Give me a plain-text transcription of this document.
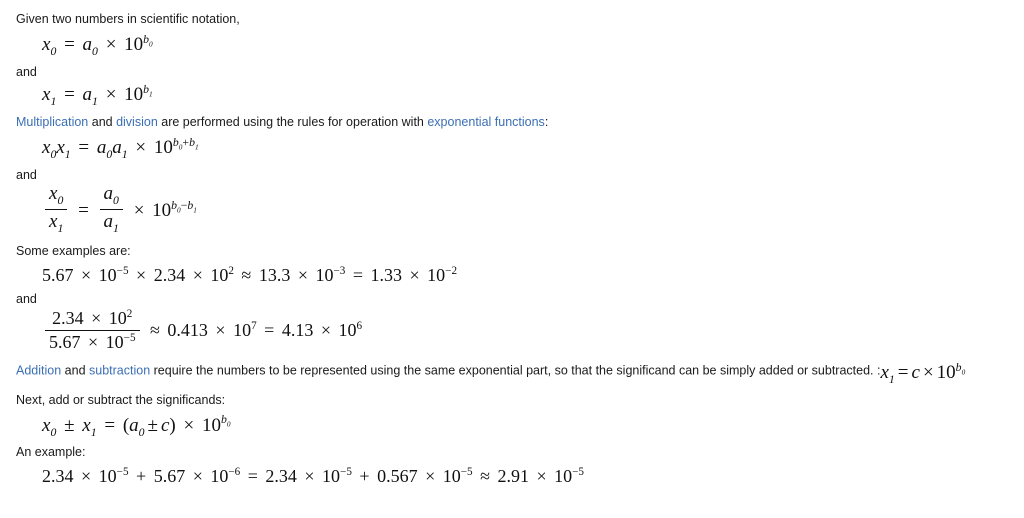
Given two numbers in scientific notation,

$x_0 = a_0 \times 10^{b_0}$

and

$x_1 = a_1 \times 10^{b_1}$

Multiplication and division are performed using the rules for operation with exponential functions:

$x_0x_1 = a_0a_1 \times 10^{b_0+b_1}$

and

$\frac{x_0}{x_1} = \frac{a_0}{a_1} \times 10^{b_0-b_1}$

Some examples are:

$5.67 \times 10^{-5} \times 2.34 \times 10^2 \approx 13.3 \times 10^{-3} = 1.33 \times 10^{-2}$

and

$\frac{2.34 \times 10^2}{5.67 \times 10^{-5}} \approx 0.413 \times 10^7 = 4.13 \times 10^6$

Addition and subtraction require the numbers to be represented using the same exponential part, so that the significand can be simply added or subtracted. $:x_1 = c \times 10^{b_0}$

Next, add or subtract the significands:

$x_0 \pm x_1 = (a_0 \pm c) \times 10^{b_0}$

An example:

$2.34 \times 10^{-5} + 5.67 \times 10^{-6} = 2.34 \times 10^{-5} + 0.567 \times 10^{-5} \approx 2.91 \times 10^{-5}$
